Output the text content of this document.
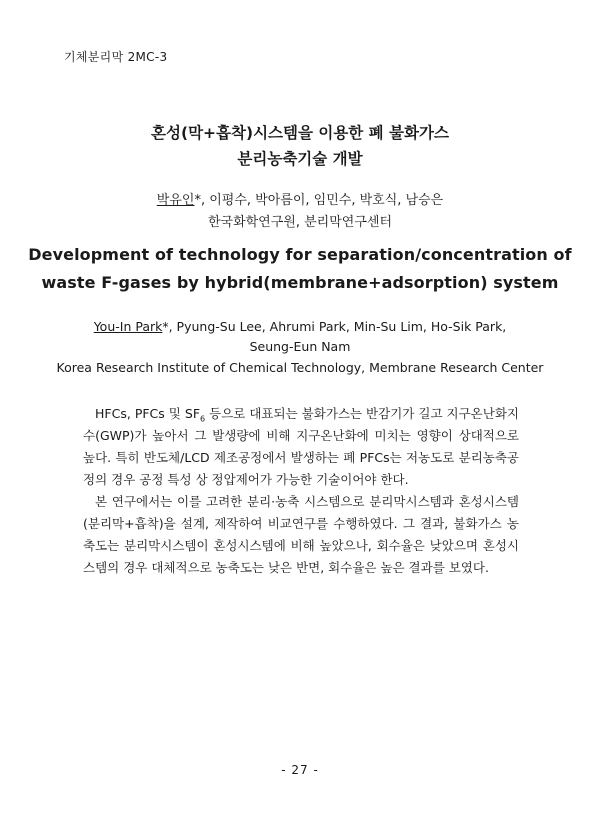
기체분리막 2MC-3
혼성(막+흡착)시스템을 이용한 폐 불화가스
분리농축기술 개발
박유인*, 이평수, 박아름이, 임민수, 박호식, 남승은
한국화학연구원, 분리막연구센터
Development of technology for separation/concentration of
waste F-gases by hybrid(membrane+adsorption) system
You-In Park*, Pyung-Su Lee, Ahrumi Park, Min-Su Lim, Ho-Sik Park,
Seung-Eun Nam
Korea Research Institute of Chemical Technology, Membrane Research Center
HFCs, PFCs 및 $SF_6$ 등으로 대표되는 불화가스는 반감기가 길고 지구온난화지
수(GWP)가 높아서 그 발생량에 비해 지구온난화에 미치는 영향이 상대적으로
높다. 특히 반도체/LCD 제조공정에서 발생하는 폐 PFCs는 저농도로 분리농축공
정의 경우 공정 특성 상 정압제어가 가능한 기술이어야 한다.
본 연구에서는 이를 고려한 분리·농축 시스템으로 분리막시스템과 혼성시스템
(분리막+흡착)을 설계, 제작하여 비교연구를 수행하였다. 그 결과, 불화가스 농
축도는 분리막시스템이 혼성시스템에 비해 높았으나, 회수율은 낮았으며 혼성시
스템의 경우 대체적으로 농축도는 낮은 반면, 회수율은 높은 결과를 보였다.
- 27 -
